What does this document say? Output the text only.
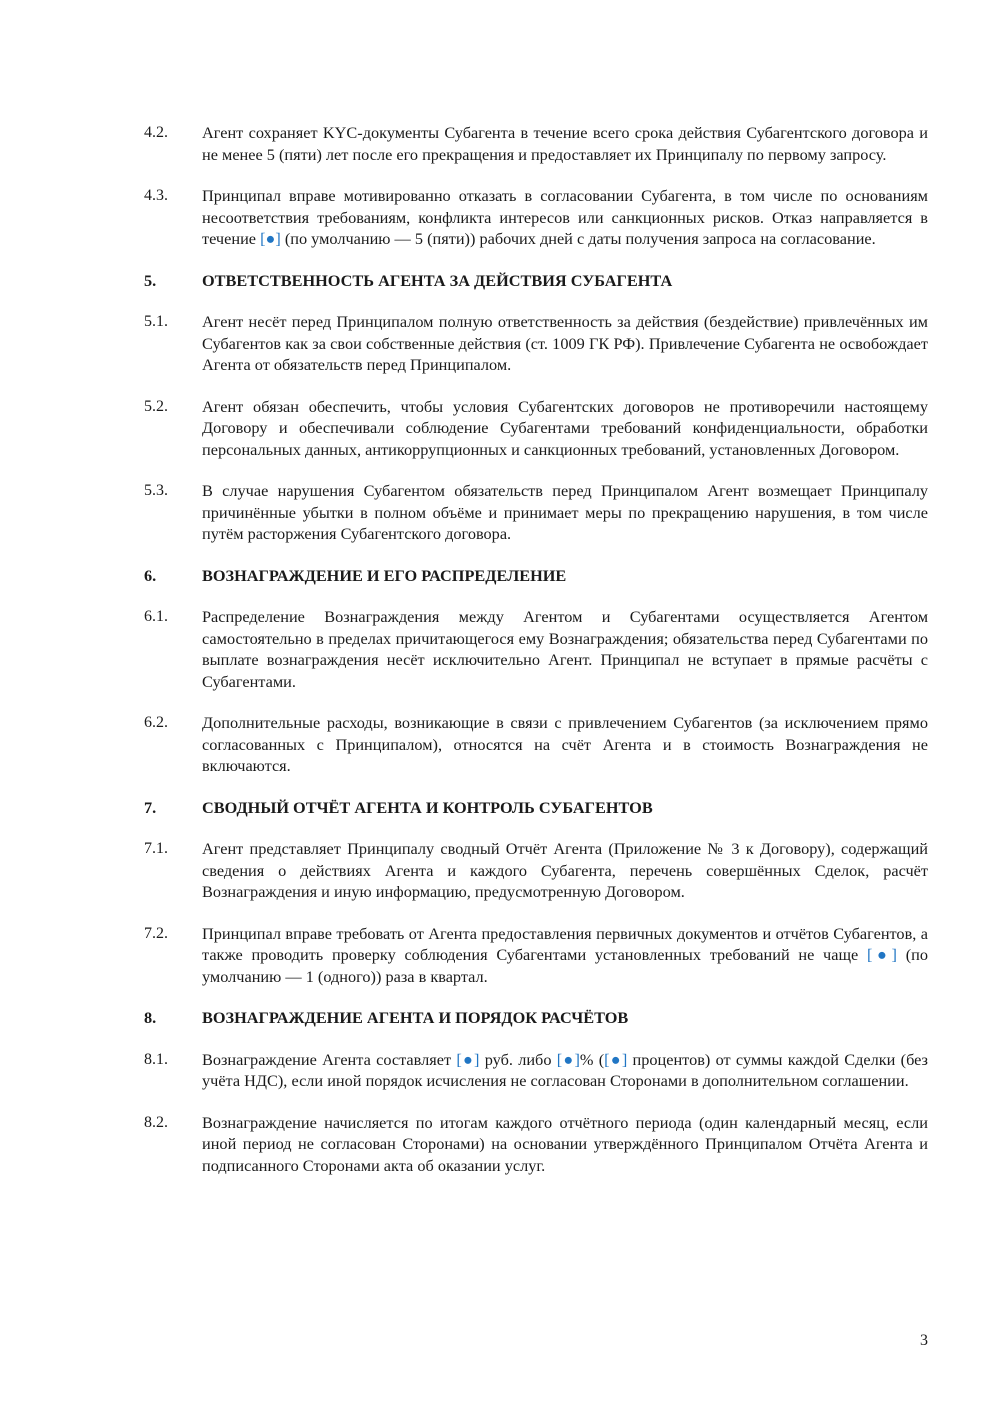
4.2.	Агент сохраняет KYC-документы Субагента в течение всего срока действия Субагентского договора и не менее 5 (пяти) лет после его прекращения и предоставляет их Принципалу по первому запросу.
4.3.	Принципал вправе мотивированно отказать в согласовании Субагента, в том числе по основаниям несоответствия требованиям, конфликта интересов или санкционных рисков. Отказ направляется в течение [●] (по умолчанию — 5 (пяти)) рабочих дней с даты получения запроса на согласование.
5.	ОТВЕТСТВЕННОСТЬ АГЕНТА ЗА ДЕЙСТВИЯ СУБАГЕНТА
5.1.	Агент несёт перед Принципалом полную ответственность за действия (бездействие) привлечённых им Субагентов как за свои собственные действия (ст. 1009 ГК РФ). Привлечение Субагента не освобождает Агента от обязательств перед Принципалом.
5.2.	Агент обязан обеспечить, чтобы условия Субагентских договоров не противоречили настоящему Договору и обеспечивали соблюдение Субагентами требований конфиденциальности, обработки персональных данных, антикоррупционных и санкционных требований, установленных Договором.
5.3.	В случае нарушения Субагентом обязательств перед Принципалом Агент возмещает Принципалу причинённые убытки в полном объёме и принимает меры по прекращению нарушения, в том числе путём расторжения Субагентского договора.
6.	ВОЗНАГРАЖДЕНИЕ И ЕГО РАСПРЕДЕЛЕНИЕ
6.1.	Распределение Вознаграждения между Агентом и Субагентами осуществляется Агентом самостоятельно в пределах причитающегося ему Вознаграждения; обязательства перед Субагентами по выплате вознаграждения несёт исключительно Агент. Принципал не вступает в прямые расчёты с Субагентами.
6.2.	Дополнительные расходы, возникающие в связи с привлечением Субагентов (за исключением прямо согласованных с Принципалом), относятся на счёт Агента и в стоимость Вознаграждения не включаются.
7.	СВОДНЫЙ ОТЧЁТ АГЕНТА И КОНТРОЛЬ СУБАГЕНТОВ
7.1.	Агент представляет Принципалу сводный Отчёт Агента (Приложение № 3 к Договору), содержащий сведения о действиях Агента и каждого Субагента, перечень совершённых Сделок, расчёт Вознаграждения и иную информацию, предусмотренную Договором.
7.2.	Принципал вправе требовать от Агента предоставления первичных документов и отчётов Субагентов, а также проводить проверку соблюдения Субагентами установленных требований не чаще [●] (по умолчанию — 1 (одного)) раза в квартал.
8.	ВОЗНАГРАЖДЕНИЕ АГЕНТА И ПОРЯДОК РАСЧЁТОВ
8.1.	Вознаграждение Агента составляет [●] руб. либо [●]% ([●] процентов) от суммы каждой Сделки (без учёта НДС), если иной порядок исчисления не согласован Сторонами в дополнительном соглашении.
8.2.	Вознаграждение начисляется по итогам каждого отчётного периода (один календарный месяц, если иной период не согласован Сторонами) на основании утверждённого Принципалом Отчёта Агента и подписанного Сторонами акта об оказании услуг.
3
